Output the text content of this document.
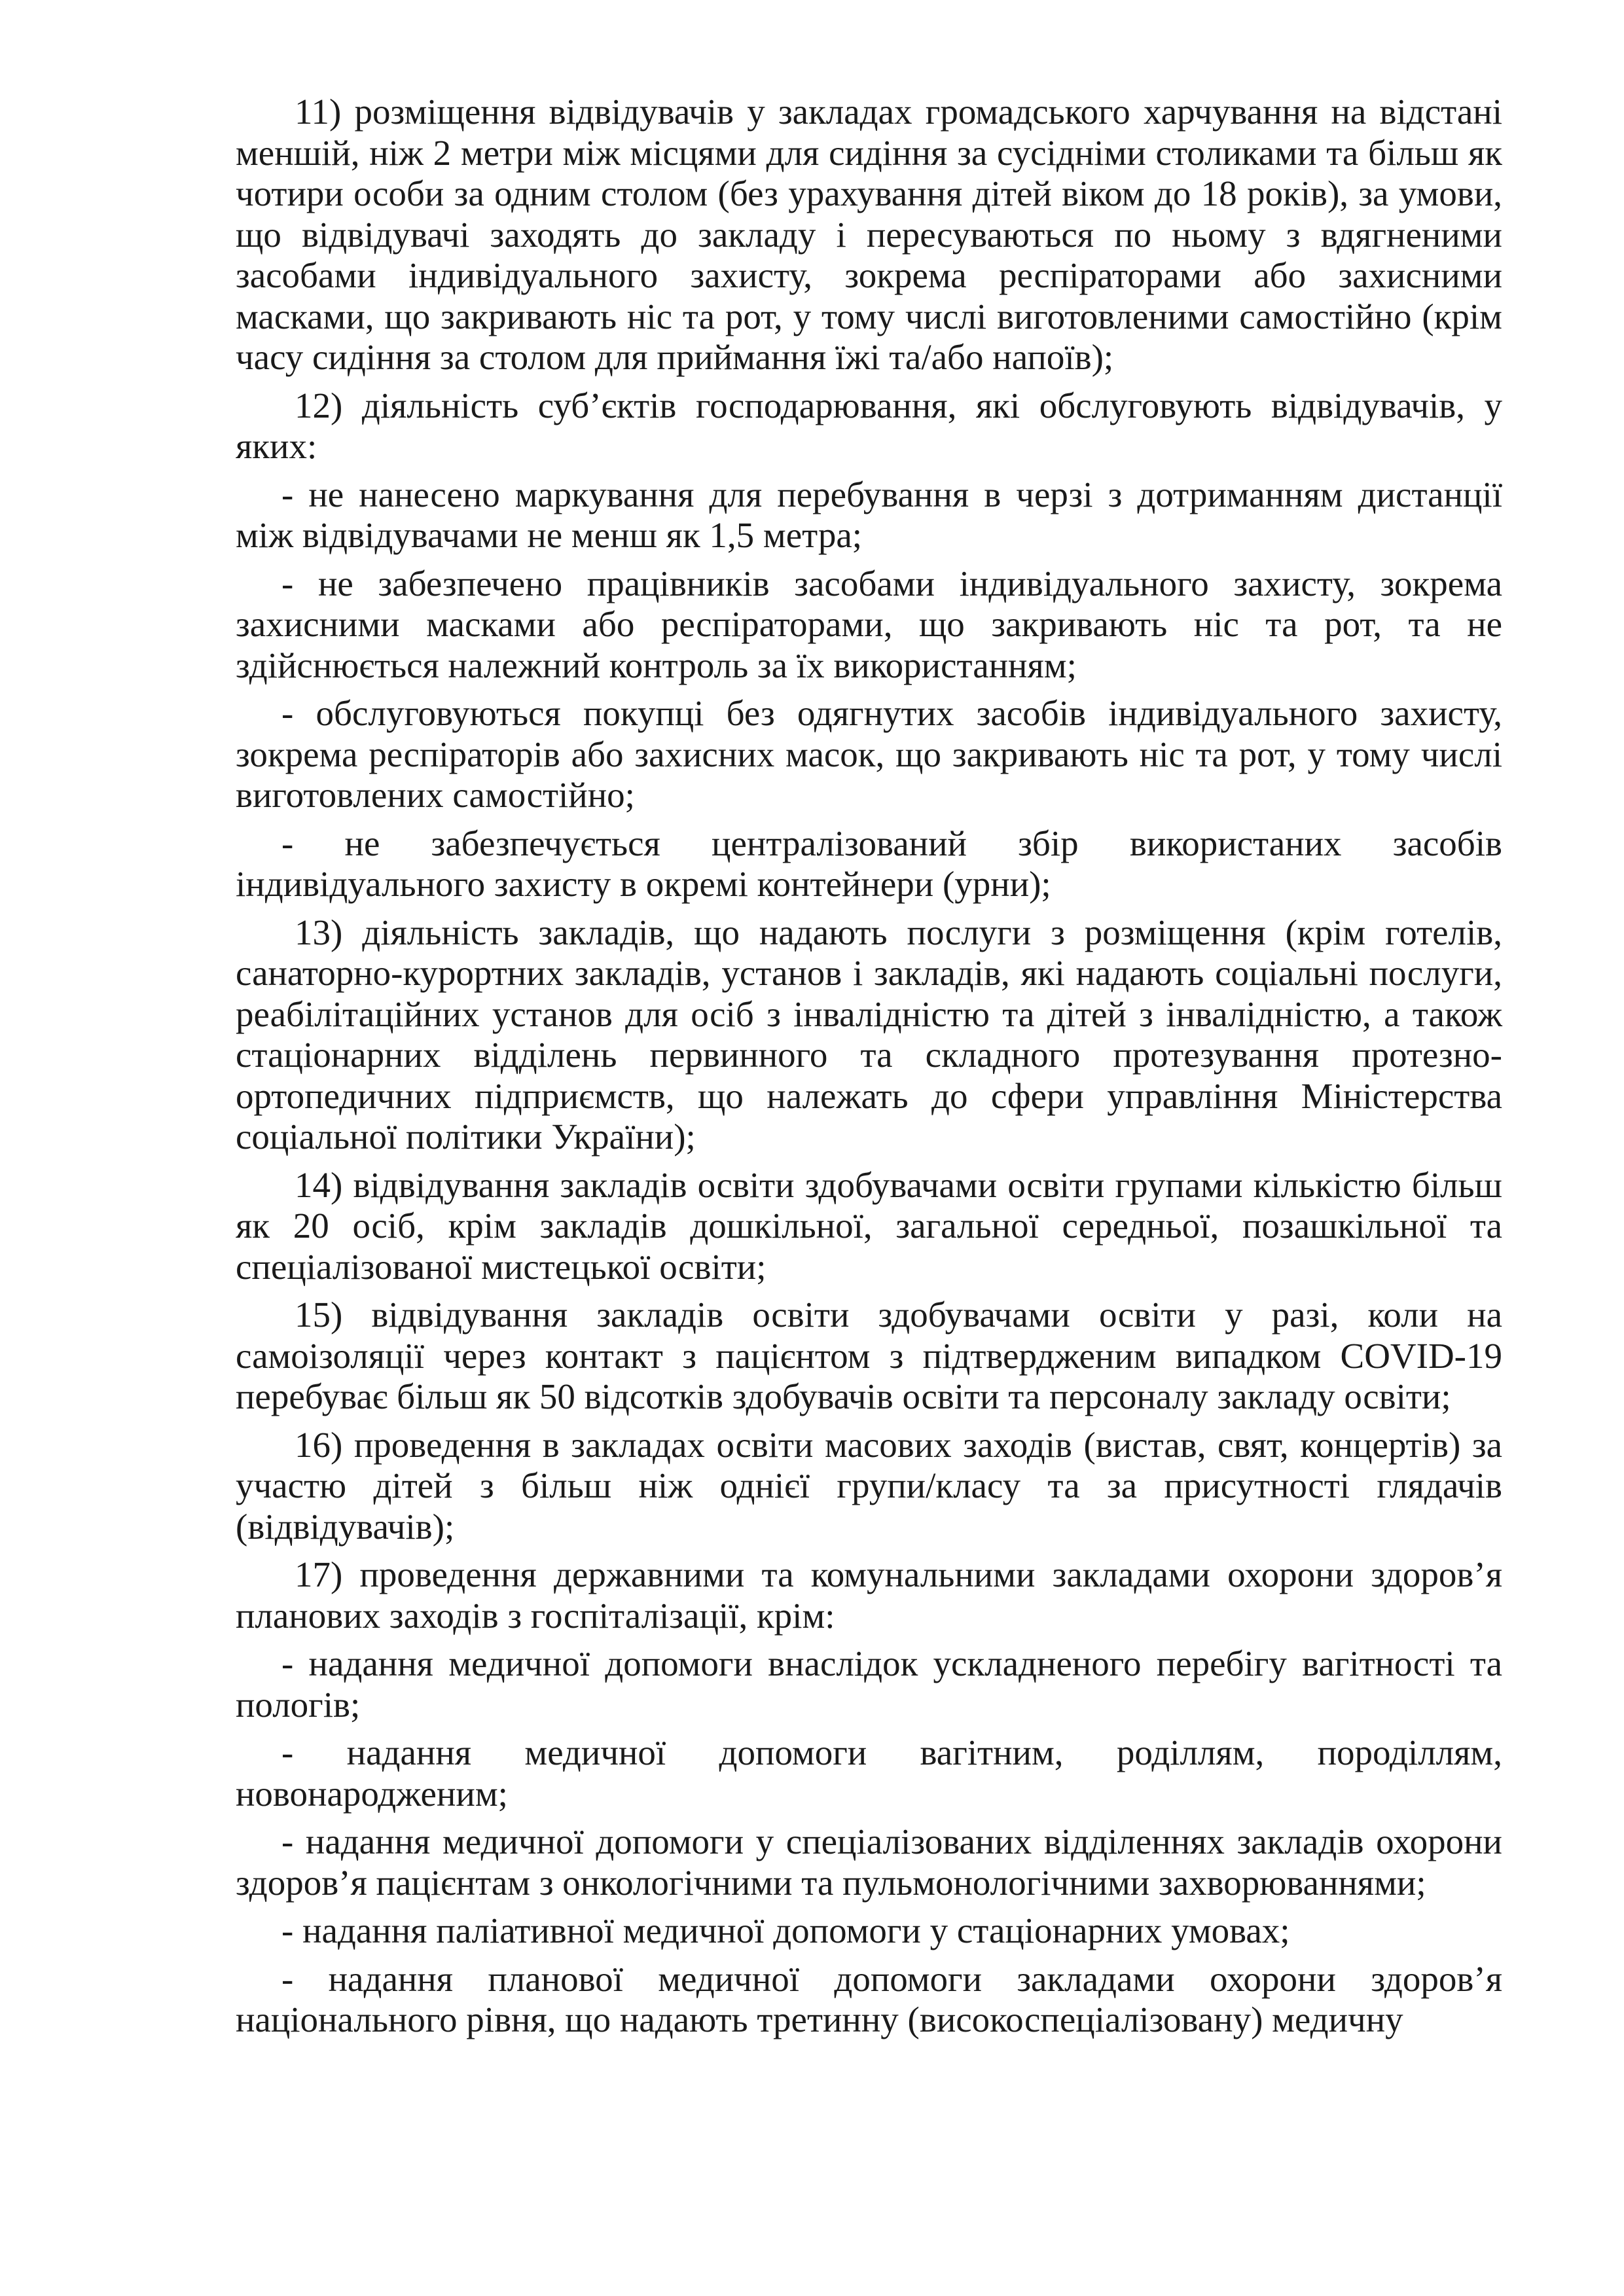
11) розміщення відвідувачів у закладах громадського харчування на відстані меншій, ніж 2 метри між місцями для сидіння за сусідніми столиками та більш як чотири особи за одним столом (без урахування дітей віком до 18 років), за умови, що відвідувачі заходять до закладу і пересуваються по ньому з вдягненими засобами індивідуального захисту, зокрема респіраторами або захисними масками, що закривають ніс та рот, у тому числі виготовленими самостійно (крім часу сидіння за столом для приймання їжі та/або напоїв);

12) діяльність суб’єктів господарювання, які обслуговують відвідувачів, у яких:

- не нанесено маркування для перебування в черзі з дотриманням дистанції між відвідувачами не менш як 1,5 метра;

- не забезпечено працівників засобами індивідуального захисту, зокрема захисними масками або респіраторами, що закривають ніс та рот, та не здійснюється належний контроль за їх використанням;

- обслуговуються покупці без одягнутих засобів індивідуального захисту, зокрема респіраторів або захисних масок, що закривають ніс та рот, у тому числі виготовлених самостійно;

- не забезпечується централізований збір використаних засобів індивідуального захисту в окремі контейнери (урни);

13) діяльність закладів, що надають послуги з розміщення (крім готелів, санаторно-курортних закладів, установ і закладів, які надають соціальні послуги, реабілітаційних установ для осіб з інвалідністю та дітей з інвалідністю, а також стаціонарних відділень первинного та складного протезування протезно-ортопедичних підприємств, що належать до сфери управління Міністерства соціальної політики України);

14) відвідування закладів освіти здобувачами освіти групами кількістю більш як 20 осіб, крім закладів дошкільної, загальної середньої, позашкільної та спеціалізованої мистецької освіти;

15) відвідування закладів освіти здобувачами освіти у разі, коли на самоізоляції через контакт з пацієнтом з підтвердженим випадком COVID-19 перебуває більш як 50 відсотків здобувачів освіти та персоналу закладу освіти;

16) проведення в закладах освіти масових заходів (вистав, свят, концертів) за участю дітей з більш ніж однієї групи/класу та за присутності глядачів (відвідувачів);

17) проведення державними та комунальними закладами охорони здоров’я планових заходів з госпіталізації, крім:

- надання медичної допомоги внаслідок ускладненого перебігу вагітності та пологів;

- надання медичної допомоги вагітним, роділлям, породіллям, новонародженим;

- надання медичної допомоги у спеціалізованих відділеннях закладів охорони здоров’я пацієнтам з онкологічними та пульмонологічними захворюваннями;

- надання паліативної медичної допомоги у стаціонарних умовах;

- надання планової медичної допомоги закладами охорони здоров’я національного рівня, що надають третинну (високоспеціалізовану) медичну
